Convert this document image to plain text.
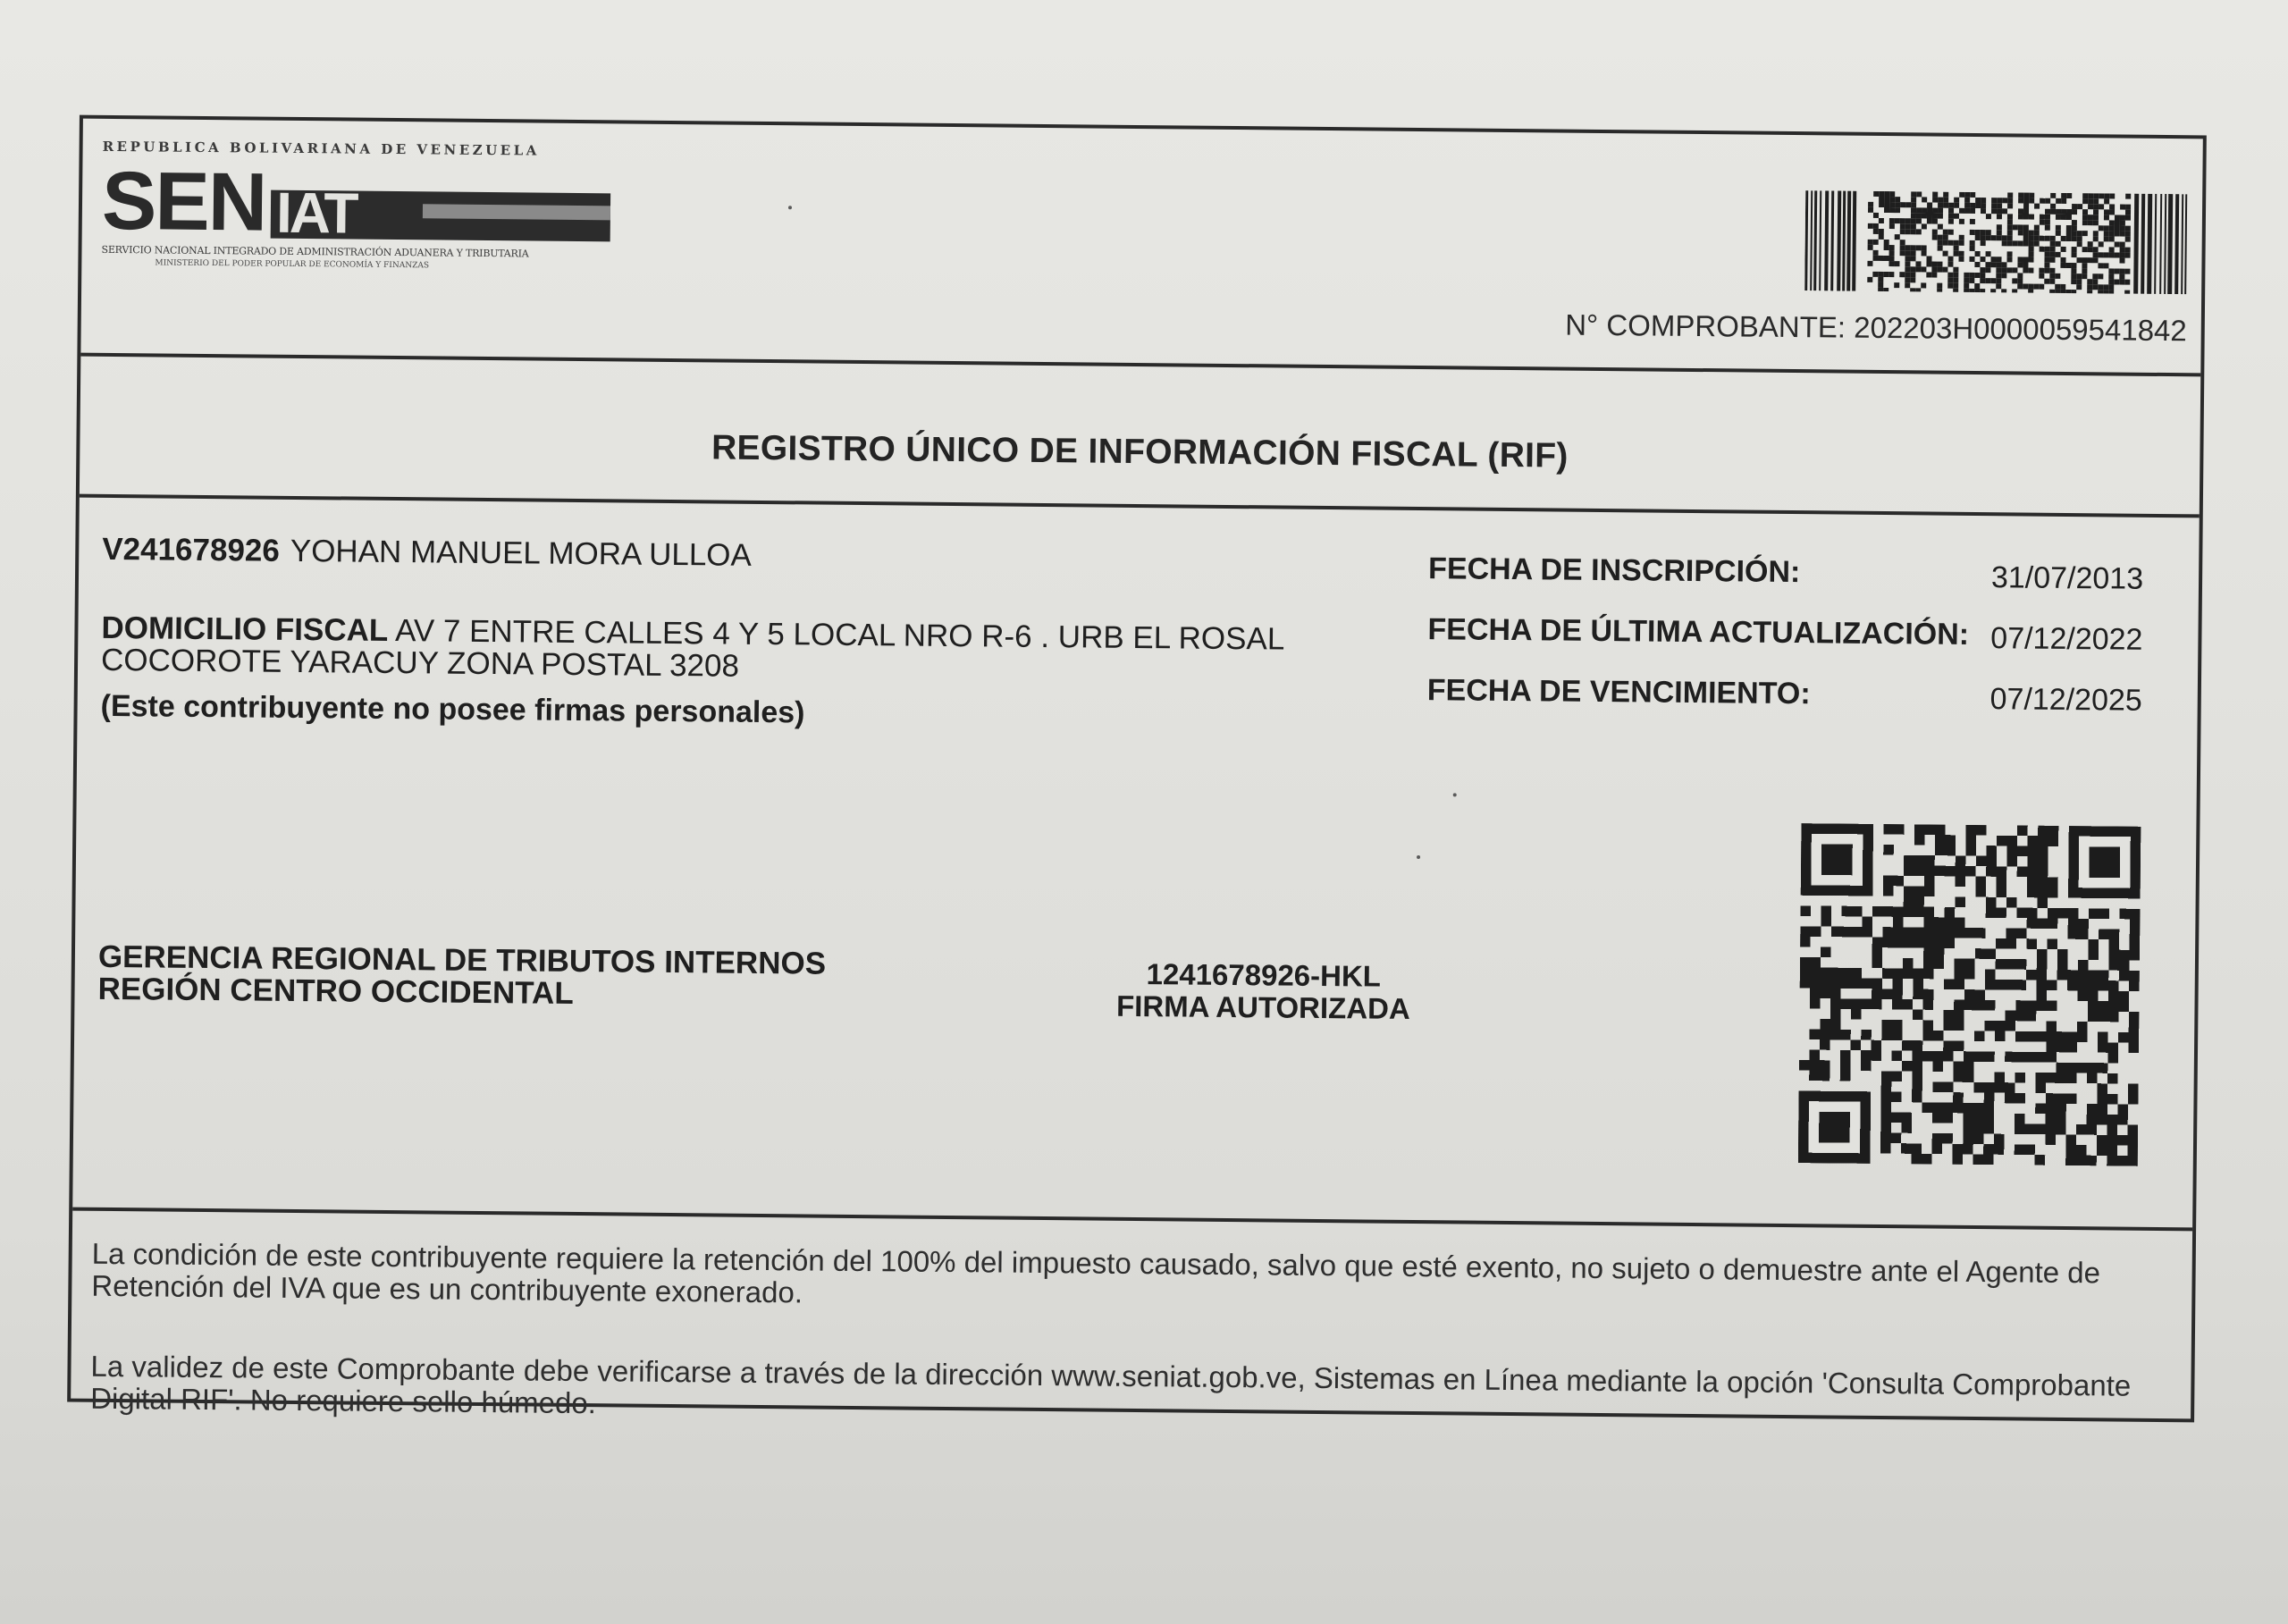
REPUBLICA BOLIVARIANA DE VENEZUELA
SEN IAT
SERVICIO NACIONAL INTEGRADO DE ADMINISTRACIÓN ADUANERA Y TRIBUTARIA
MINISTERIO DEL PODER POPULAR DE ECONOMÍA Y FINANZAS
N° COMPROBANTE: 202203H0000059541842
REGISTRO ÚNICO DE INFORMACIÓN FISCAL (RIF)
V241678926 YOHAN MANUEL MORA ULLOA
DOMICILIO FISCAL AV 7 ENTRE CALLES 4 Y 5 LOCAL NRO R-6 . URB EL ROSAL COCOROTE YARACUY ZONA POSTAL 3208
(Este contribuyente no posee firmas personales)
FECHA DE INSCRIPCIÓN:	31/07/2013
FECHA DE ÚLTIMA ACTUALIZACIÓN: 07/12/2022
FECHA DE VENCIMIENTO:	07/12/2025
GERENCIA REGIONAL DE TRIBUTOS INTERNOS
REGIÓN CENTRO OCCIDENTAL	1241678926-HKL
FIRMA AUTORIZADA
La condición de este contribuyente requiere la retención del 100% del impuesto causado, salvo que esté exento, no sujeto o demuestre ante el Agente de Retención del IVA que es un contribuyente exonerado.
La validez de este Comprobante debe verificarse a través de la dirección www.seniat.gob.ve, Sistemas en Línea mediante la opción 'Consulta Comprobante Digital RIF'. No requiere sello húmedo.
